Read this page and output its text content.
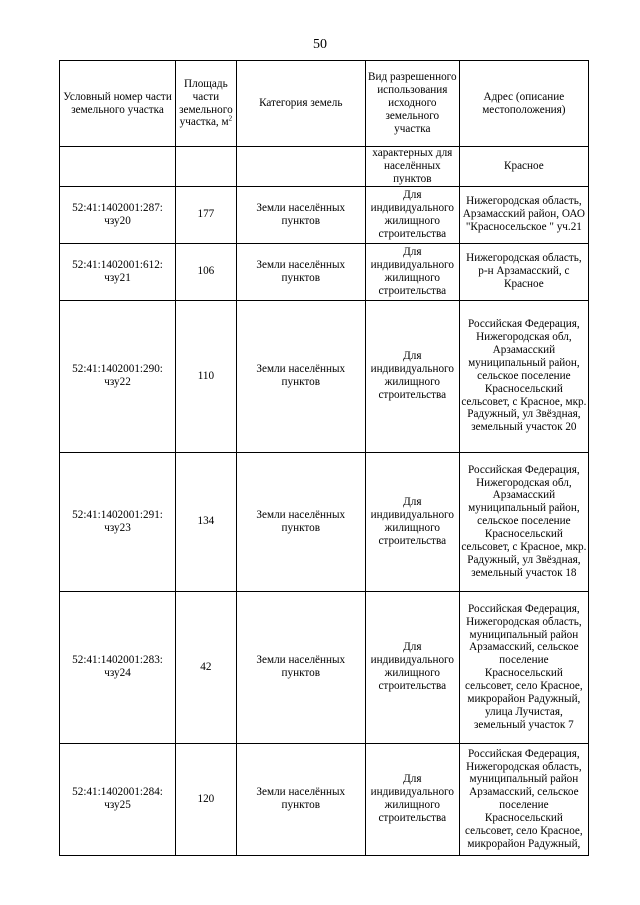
50
Условный номер части земельного участка	Площадь части земельного участка, $м^2$	Категория земель	Вид разрешенного использования исходного земельного участка	Адрес (описание местоположения)
			характерных для населённых пунктов	Красное
52:41:1402001:287: чзу20	177	Земли населённых пунктов	Для индивидуального жилищного строительства	Нижегородская область, Арзамасский район, ОАО "Красносельское " уч.21
52:41:1402001:612: чзу21	106	Земли населённых пунктов	Для индивидуального жилищного строительства	Нижегородская область, р-н Арзамасский, с Красное
52:41:1402001:290: чзу22	110	Земли населённых пунктов	Для индивидуального жилищного строительства	Российская Федерация, Нижегородская обл, Арзамасский муниципальный район, сельское поселение Красносельский сельсовет, с Красное, мкр. Радужный, ул Звёздная, земельный участок 20
52:41:1402001:291: чзу23	134	Земли населённых пунктов	Для индивидуального жилищного строительства	Российская Федерация, Нижегородская обл, Арзамасский муниципальный район, сельское поселение Красносельский сельсовет, с Красное, мкр. Радужный, ул Звёздная, земельный участок 18
52:41:1402001:283: чзу24	42	Земли населённых пунктов	Для индивидуального жилищного строительства	Российская Федерация, Нижегородская область, муниципальный район Арзамасский, сельское поселение Красносельский сельсовет, село Красное, микрорайон Радужный, улица Лучистая, земельный участок 7
52:41:1402001:284: чзу25	120	Земли населённых пунктов	Для индивидуального жилищного строительства	Российская Федерация, Нижегородская область, муниципальный район Арзамасский, сельское поселение Красносельский сельсовет, село Красное, микрорайон Радужный,
